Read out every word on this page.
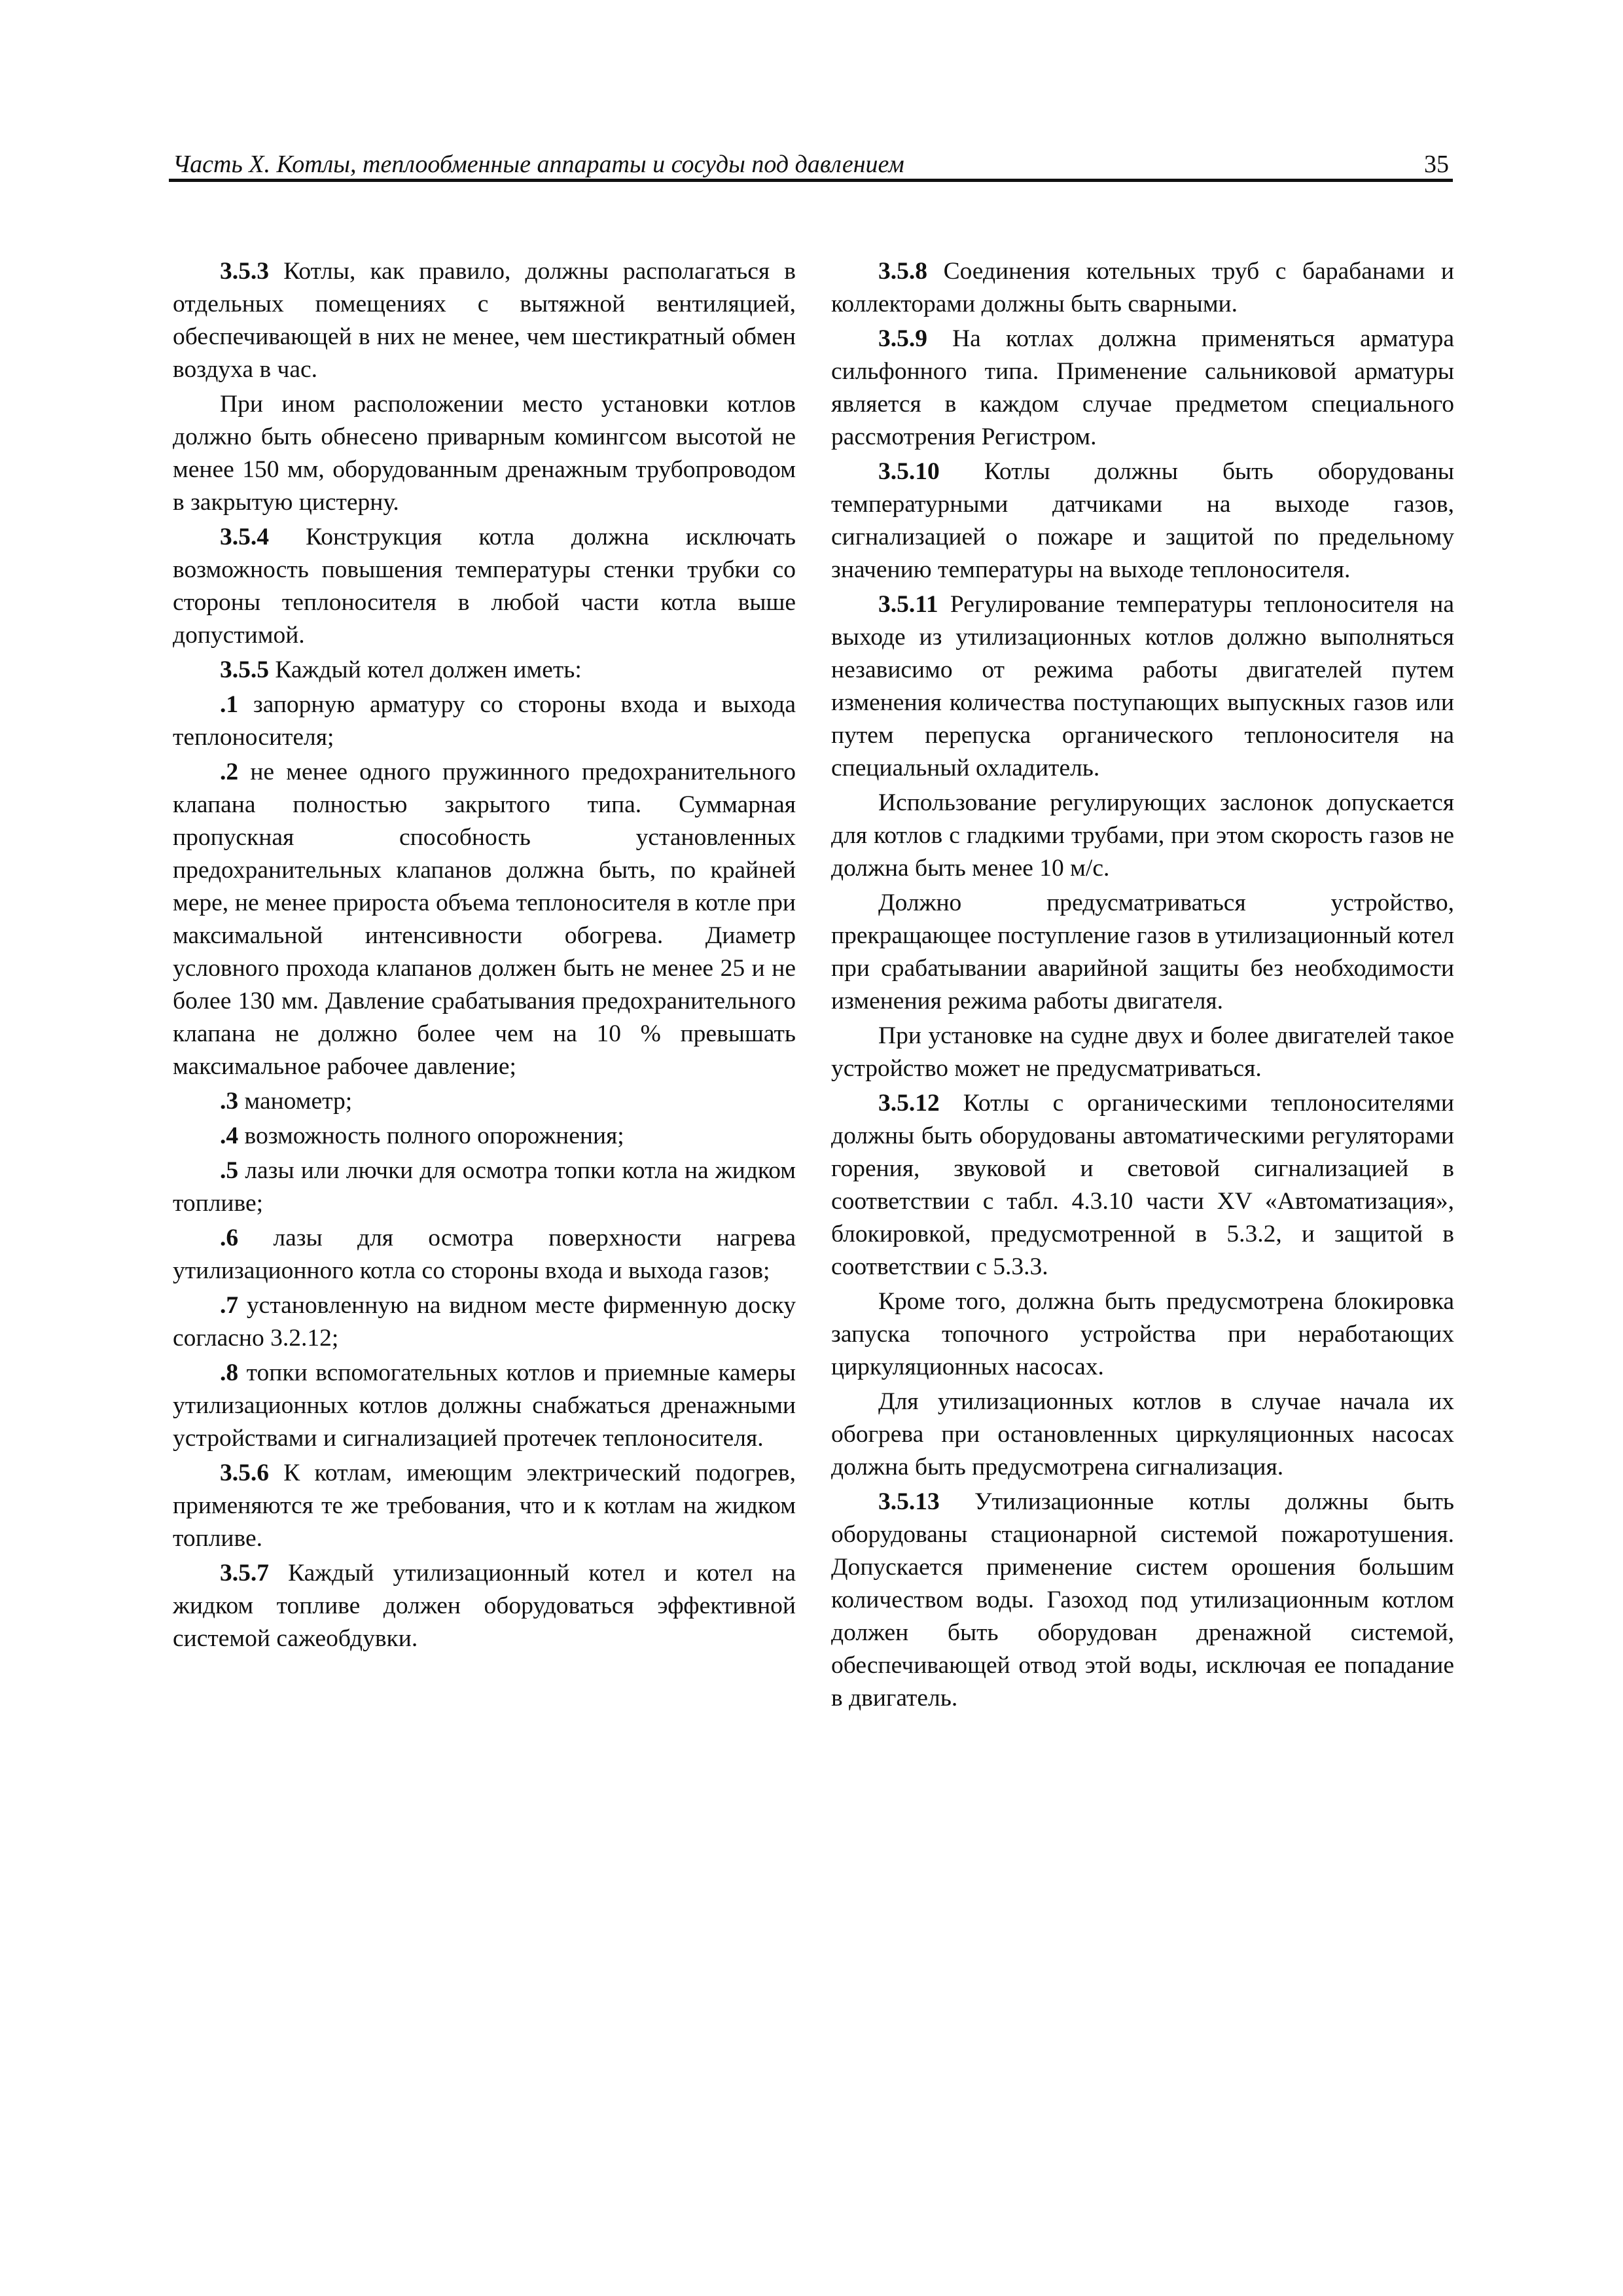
Часть X. Котлы, теплообменные аппараты и сосуды под давлением	35

3.5.3 Котлы, как правило, должны располагаться в отдельных помещениях с вытяжной вентиляцией, обеспечивающей в них не менее, чем шестикратный обмен воздуха в час.

При ином расположении место установки котлов должно быть обнесено приварным комингсом высотой не менее 150 мм, оборудованным дренажным трубопроводом в закрытую цистерну.

3.5.4 Конструкция котла должна исключать возможность повышения температуры стенки трубки со стороны теплоносителя в любой части котла выше допустимой.

3.5.5 Каждый котел должен иметь:

.1 запорную арматуру со стороны входа и выхода теплоносителя;

.2 не менее одного пружинного предохранительного клапана полностью закрытого типа. Суммарная пропускная способность установленных предохранительных клапанов должна быть, по крайней мере, не менее прироста объема теплоносителя в котле при максимальной интенсивности обогрева. Диаметр условного прохода клапанов должен быть не менее 25 и не более 130 мм. Давление срабатывания предохранительного клапана не должно более чем на 10 % превышать максимальное рабочее давление;

.3 манометр;

.4 возможность полного опорожнения;

.5 лазы или лючки для осмотра топки котла на жидком топливе;

.6 лазы для осмотра поверхности нагрева утилизационного котла со стороны входа и выхода газов;

.7 установленную на видном месте фирменную доску согласно 3.2.12;

.8 топки вспомогательных котлов и приемные камеры утилизационных котлов должны снабжаться дренажными устройствами и сигнализацией протечек теплоносителя.

3.5.6 К котлам, имеющим электрический подогрев, применяются те же требования, что и к котлам на жидком топливе.

3.5.7 Каждый утилизационный котел и котел на жидком топливе должен оборудоваться эффективной системой сажеобдувки.

3.5.8 Соединения котельных труб с барабанами и коллекторами должны быть сварными.

3.5.9 На котлах должна применяться арматура сильфонного типа. Применение сальниковой арматуры является в каждом случае предметом специального рассмотрения Регистром.

3.5.10 Котлы должны быть оборудованы температурными датчиками на выходе газов, сигнализацией о пожаре и защитой по предельному значению температуры на выходе теплоносителя.

3.5.11 Регулирование температуры теплоносителя на выходе из утилизационных котлов должно выполняться независимо от режима работы двигателей путем изменения количества поступающих выпускных газов или путем перепуска органического теплоносителя на специальный охладитель.

Использование регулирующих заслонок допускается для котлов с гладкими трубами, при этом скорость газов не должна быть менее 10 м/с.

Должно предусматриваться устройство, прекращающее поступление газов в утилизационный котел при срабатывании аварийной защиты без необходимости изменения режима работы двигателя.

При установке на судне двух и более двигателей такое устройство может не предусматриваться.

3.5.12 Котлы с органическими теплоносителями должны быть оборудованы автоматическими регуляторами горения, звуковой и световой сигнализацией в соответствии с табл. 4.3.10 части XV «Автоматизация», блокировкой, предусмотренной в 5.3.2, и защитой в соответствии с 5.3.3.

Кроме того, должна быть предусмотрена блокировка запуска топочного устройства при неработающих циркуляционных насосах.

Для утилизационных котлов в случае начала их обогрева при остановленных циркуляционных насосах должна быть предусмотрена сигнализация.

3.5.13 Утилизационные котлы должны быть оборудованы стационарной системой пожаротушения. Допускается применение систем орошения большим количеством воды. Газоход под утилизационным котлом должен быть оборудован дренажной системой, обеспечивающей отвод этой воды, исключая ее попадание в двигатель.
